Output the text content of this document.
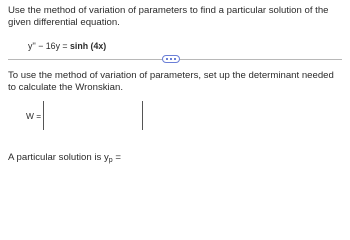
Use the method of variation of parameters to find a particular solution of the given differential equation.

y'' − 16y = sinh (4x)

To use the method of variation of parameters, set up the determinant needed to calculate the Wronskian.

W =
A particular solution is $y_p$ =
